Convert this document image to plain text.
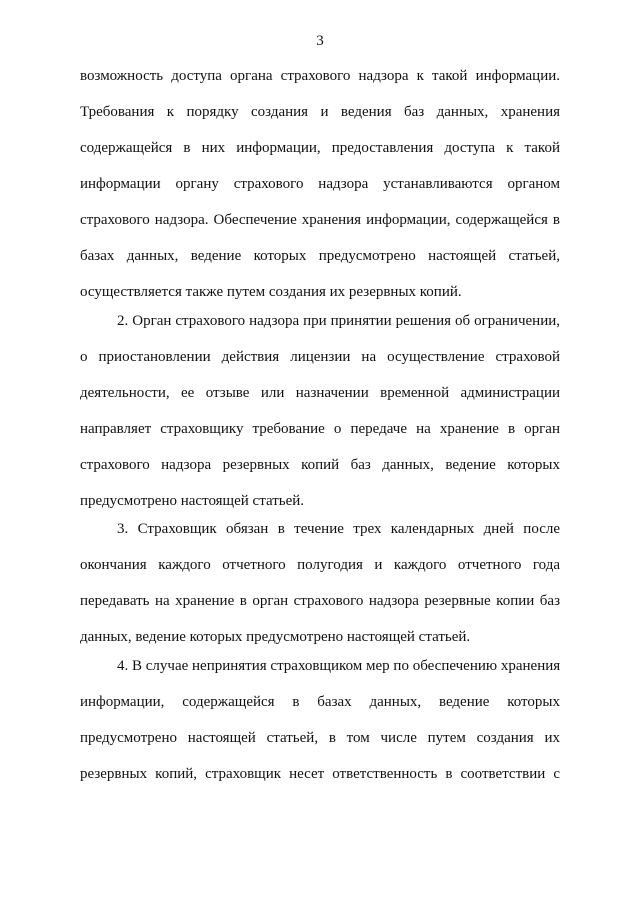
3
возможность доступа органа страхового надзора к такой информации.
Требования к порядку создания и ведения баз данных, хранения
содержащейся в них информации, предоставления доступа к такой
информации органу страхового надзора устанавливаются органом
страхового надзора. Обеспечение хранения информации, содержащейся в
базах данных, ведение которых предусмотрено настоящей статьей,
осуществляется также путем создания их резервных копий.
2. Орган страхового надзора при принятии решения об ограничении,
о приостановлении действия лицензии на осуществление страховой
деятельности, ее отзыве или назначении временной администрации
направляет страховщику требование о передаче на хранение в орган
страхового надзора резервных копий баз данных, ведение которых
предусмотрено настоящей статьей.
3. Страховщик обязан в течение трех календарных дней после
окончания каждого отчетного полугодия и каждого отчетного года
передавать на хранение в орган страхового надзора резервные копии баз
данных, ведение которых предусмотрено настоящей статьей.
4. В случае непринятия страховщиком мер по обеспечению хранения
информации, содержащейся в базах данных, ведение которых
предусмотрено настоящей статьей, в том числе путем создания их
резервных копий, страховщик несет ответственность в соответствии с
